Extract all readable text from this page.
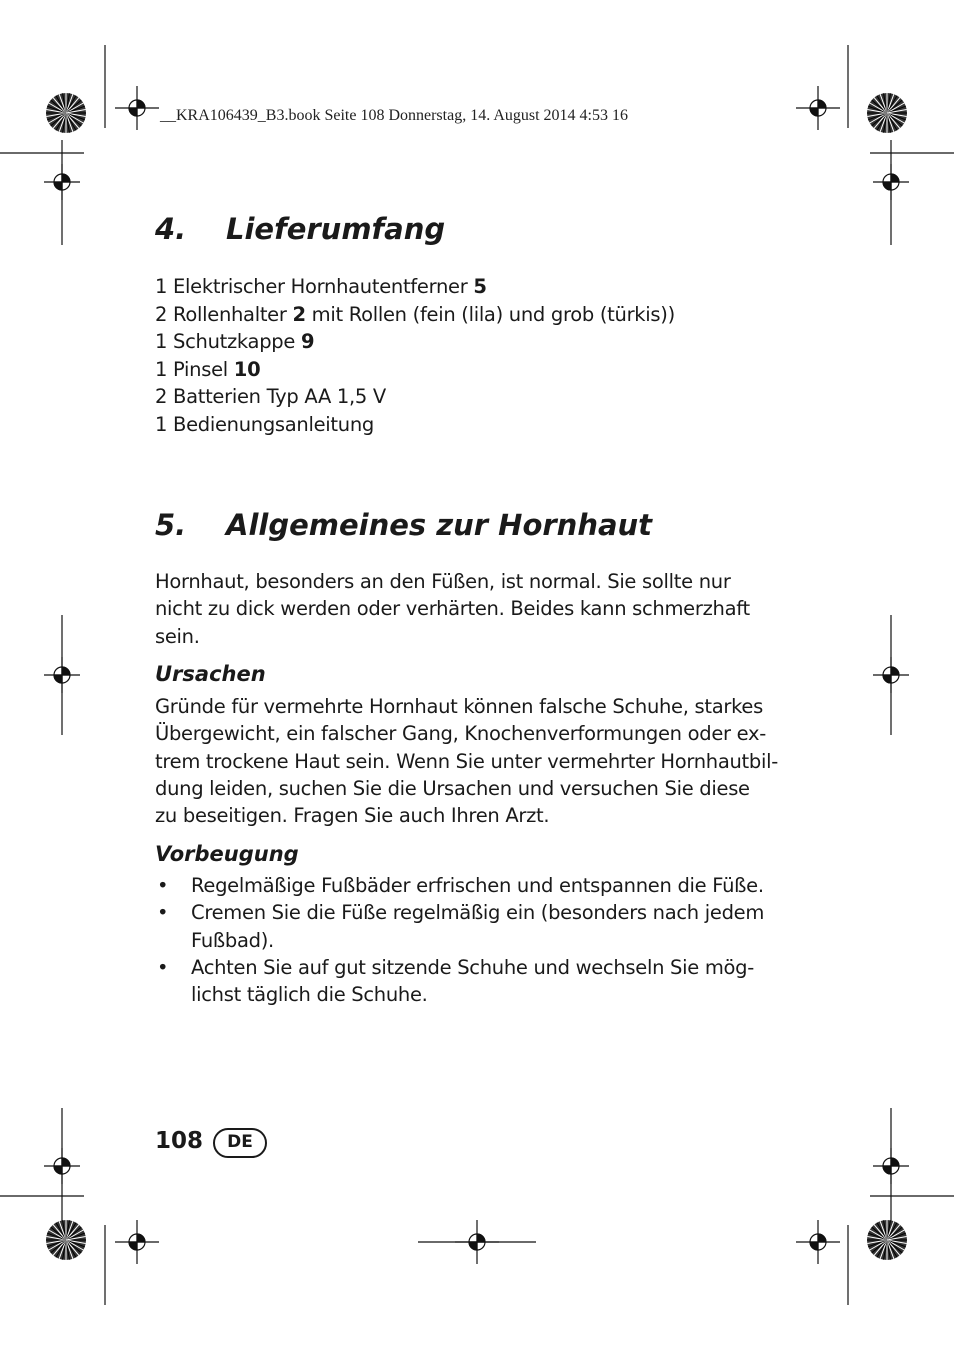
__KRA106439_B3.book Seite 108 Donnerstag, 14. August 2014 4:53 16
4. Lieferumfang
1 Elektrischer Hornhautentferner 5
2 Rollenhalter 2 mit Rollen (fein (lila) und grob (türkis))
1 Schutzkappe 9
1 Pinsel 10
2 Batterien Typ AA 1,5 V
1 Bedienungsanleitung
5. Allgemeines zur Hornhaut
Hornhaut, besonders an den Füßen, ist normal. Sie sollte nur
nicht zu dick werden oder verhärten. Beides kann schmerzhaft
sein.
Ursachen
Gründe für vermehrte Hornhaut können falsche Schuhe, starkes
Übergewicht, ein falscher Gang, Knochenverformungen oder ex-
trem trockene Haut sein. Wenn Sie unter vermehrter Hornhautbil-
dung leiden, suchen Sie die Ursachen und versuchen Sie diese
zu beseitigen. Fragen Sie auch Ihren Arzt.
Vorbeugung
• Regelmäßige Fußbäder erfrischen und entspannen die Füße.
• Cremen Sie die Füße regelmäßig ein (besonders nach jedem
Fußbad).
• Achten Sie auf gut sitzende Schuhe und wechseln Sie mög-
lichst täglich die Schuhe.
108	DE
